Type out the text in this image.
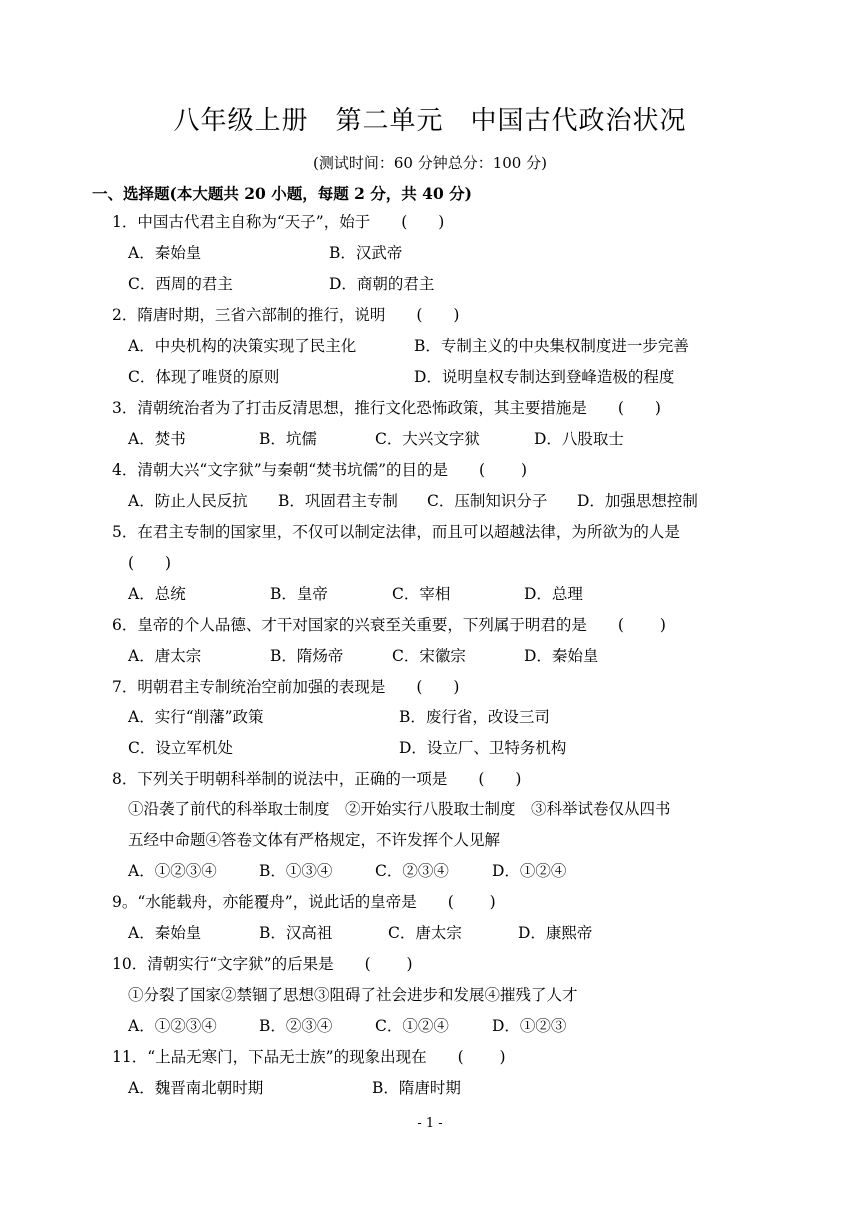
八年级上册　第二单元　中国古代政治状况
(测试时间：60 分钟总分：100 分)
一、选择题(本大题共 20 小题，每题 2 分，共 40 分)
1．中国古代君主自称为“天子”，始于　　(　　)
A．秦始皇	B．汉武帝
C．西周的君主	D．商朝的君主
2．隋唐时期，三省六部制的推行，说明　　(　　)
A．中央机构的决策实现了民主化	B．专制主义的中央集权制度进一步完善
C．体现了唯贤的原则	D．说明皇权专制达到登峰造极的程度
3．清朝统治者为了打击反清思想，推行文化恐怖政策，其主要措施是　　(　　)
A．焚书	B．坑儒	C．大兴文字狱	D．八股取士
4．清朝大兴“文字狱”与秦朝“焚书坑儒”的目的是　　(　　 )
A．防止人民反抗 B．巩固君主专制 C．压制知识分子 D．加强思想控制
5．在君主专制的国家里，不仅可以制定法律，而且可以超越法律，为所欲为的人是
(　　)
A．总统	B．皇帝	C．宰相	D．总理
6．皇帝的个人品德、才干对国家的兴衰至关重要，下列属于明君的是　　(　　 )
A．唐太宗	B．隋炀帝	C．宋徽宗	D．秦始皇
7．明朝君主专制统治空前加强的表现是　　(　　)
A．实行“削藩”政策	B．废行省，改设三司
C．设立军机处	D．设立厂、卫特务机构
8．下列关于明朝科举制的说法中，正确的一项是　　(　　)
①沿袭了前代的科举取士制度　②开始实行八股取士制度　③科举试卷仅从四书
五经中命题④答卷文体有严格规定，不许发挥个人见解
A．①②③④	B．①③④	C．②③④	D．①②④
9。“水能载舟，亦能覆舟”，说此话的皇帝是　　(　　 )
A．秦始皇	B．汉高祖	C．唐太宗	D．康熙帝
10．清朝实行“文字狱”的后果是　　(　　 )
①分裂了国家②禁锢了思想③阻碍了社会进步和发展④摧残了人才
A．①②③④	B．②③④	C．①②④	D．①②③
11．“上品无寒门，下品无士族”的现象出现在　　(　　 )
A．魏晋南北朝时期	B．隋唐时期
- 1 -
